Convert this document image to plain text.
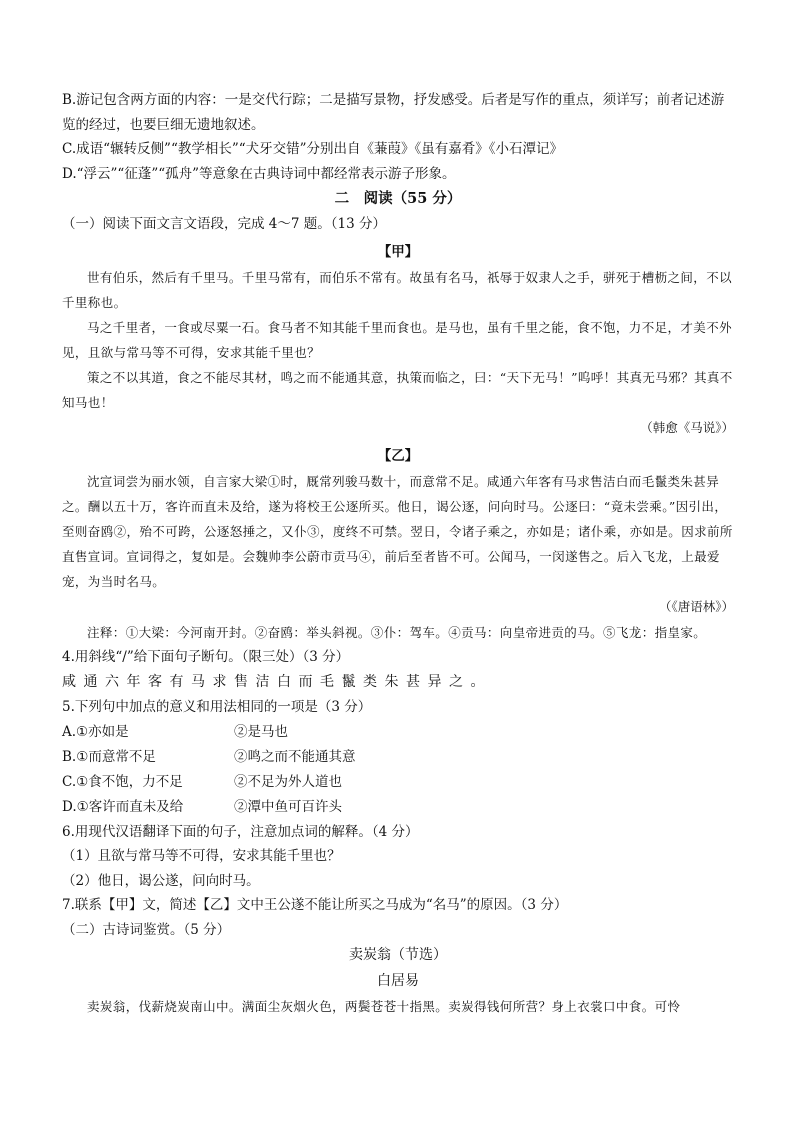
B.游记包含两方面的内容：一是交代行踪；二是描写景物，抒发感受。后者是写作的重点，须详写；前者记述游览的经过，也要巨细无遗地叙述。

C.成语“辗转反侧”“教学相长”“犬牙交错”分别出自《蒹葭》《虽有嘉肴》《小石潭记》

D.“浮云”“征蓬”“孤舟”等意象在古典诗词中都经常表示游子形象。

二　阅读（55 分）

（一）阅读下面文言文语段，完成 4～7 题。（13 分）

【甲】

世有伯乐，然后有千里马。千里马常有，而伯乐不常有。故虽有名马，祇辱于奴隶人之手，骈死于槽枥之间，不以千里称也。

马之千里者，一食或尽粟一石。食马者不知其能千里而食也。是马也，虽有千里之能，食不饱，力不足，才美不外见，且欲与常马等不可得，安求其能千里也？

策之不以其道，食之不能尽其材，鸣之而不能通其意，执策而临之，曰：“天下无马！”呜呼！其真无马邪？其真不知马也！

（韩愈《马说》）

【乙】

沈宣词尝为丽水领，自言家大梁①时，厩常列骏马数十，而意常不足。咸通六年客有马求售洁白而毛鬣类朱甚异之。酬以五十万，客许而直未及给，遂为将校王公逐所买。他日，谒公逐，问向时马。公逐曰：“竟未尝乘。”因引出，至则奋鸥②，殆不可跨，公逐怒捶之，又仆③，度终不可禁。翌日，令诸子乘之，亦如是；诸仆乘，亦如是。因求前所直售宣词。宣词得之，复如是。会魏帅李公蔚市贡马④，前后至者皆不可。公闻马，一闵遂售之。后入飞龙，上最爱宠，为当时名马。

（《唐语林》）

注释：①大梁：今河南开封。②奋鸥：举头斜视。③仆：驾车。④贡马：向皇帝进贡的马。⑤飞龙：指皇家。

4.用斜线“/”给下面句子断句。（限三处）（3 分）

咸通六年客有马求售洁白而毛鬣类朱甚异之。

5.下列句中加点的意义和用法相同的一项是（3 分）

A.①亦如是	②是马也
B.①而意常不足	②鸣之而不能通其意
C.①食不饱，力不足	②不足为外人道也
D.①客许而直未及给	②潭中鱼可百许头

6.用现代汉语翻译下面的句子，注意加点词的解释。（4 分）

（1）且欲与常马等不可得，安求其能千里也？

（2）他日，谒公遂，问向时马。

7.联系【甲】文，简述【乙】文中王公遂不能让所买之马成为“名马”的原因。（3 分）

（二）古诗词鉴赏。（5 分）

卖炭翁（节选）

白居易

卖炭翁，伐薪烧炭南山中。满面尘灰烟火色，两鬓苍苍十指黑。卖炭得钱何所营？身上衣裳口中食。可怜
